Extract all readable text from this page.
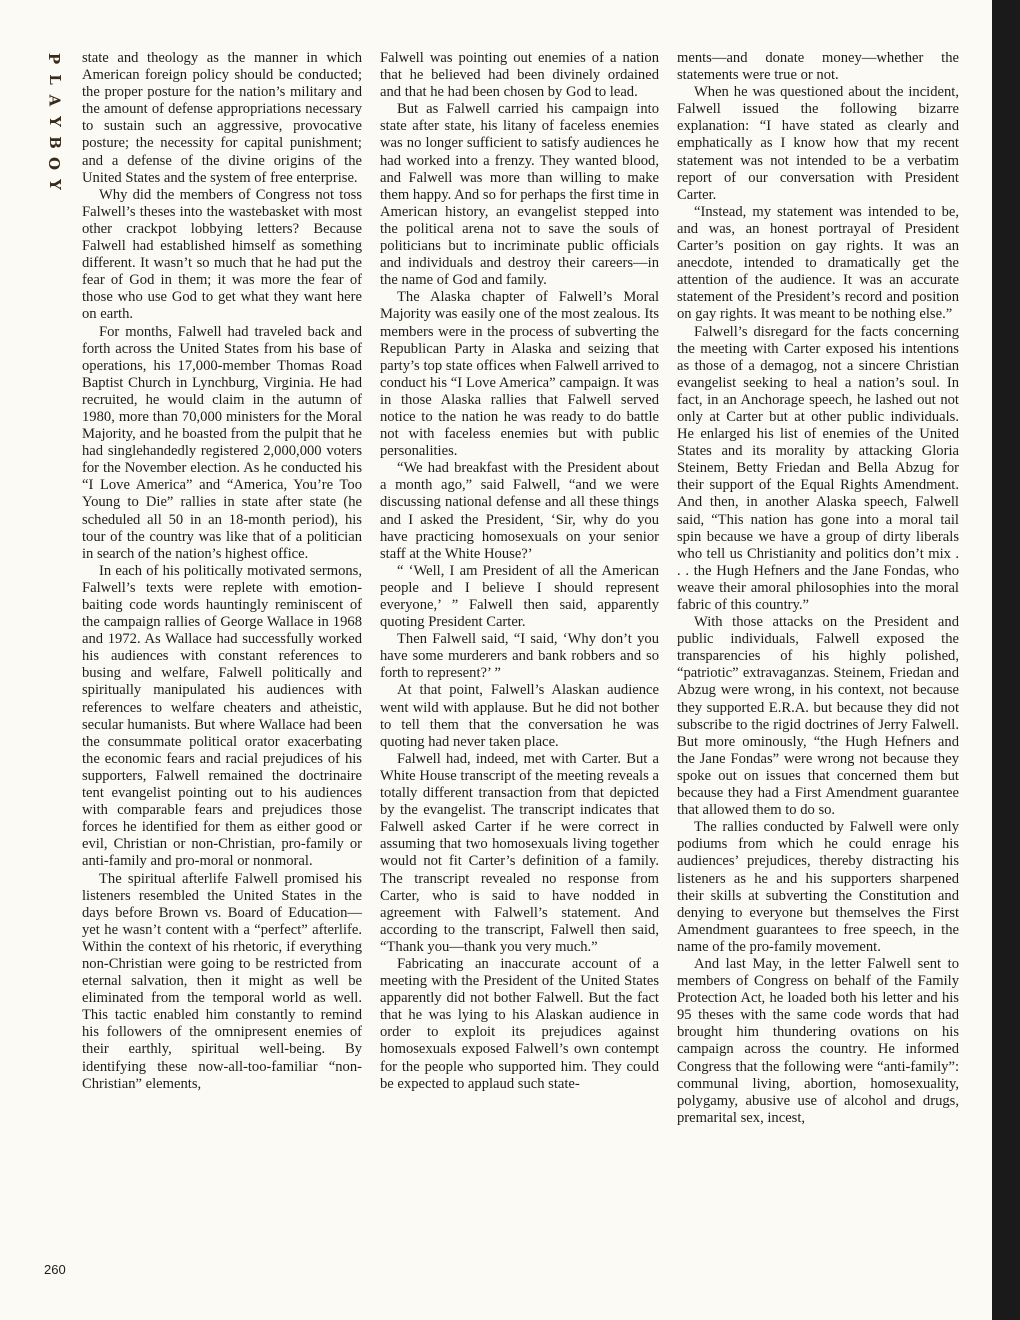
P
L
A
Y
B
O
Y

state and theology as the manner in which American foreign policy should be conducted; the proper posture for the nation’s military and the amount of defense appropriations necessary to sustain such an aggressive, provocative posture; the necessity for capital punishment; and a defense of the divine origins of the United States and the system of free enterprise.

Why did the members of Congress not toss Falwell’s theses into the wastebasket with most other crackpot lobbying letters? Because Falwell had established himself as something different. It wasn’t so much that he had put the fear of God in them; it was more the fear of those who use God to get what they want here on earth.

For months, Falwell had traveled back and forth across the United States from his base of operations, his 17,000-member Thomas Road Baptist Church in Lynchburg, Virginia. He had recruited, he would claim in the autumn of 1980, more than 70,000 ministers for the Moral Majority, and he boasted from the pulpit that he had singlehandedly registered 2,000,000 voters for the November election. As he conducted his “I Love America” and “America, You’re Too Young to Die” rallies in state after state (he scheduled all 50 in an 18-month period), his tour of the country was like that of a politician in search of the nation’s highest office.

In each of his politically motivated sermons, Falwell’s texts were replete with emotion-baiting code words hauntingly reminiscent of the campaign rallies of George Wallace in 1968 and 1972. As Wallace had successfully worked his audiences with constant references to busing and welfare, Falwell politically and spiritually manipulated his audiences with references to welfare cheaters and atheistic, secular humanists. But where Wallace had been the consummate political orator exacerbating the economic fears and racial prejudices of his supporters, Falwell remained the doctrinaire tent evangelist pointing out to his audiences with comparable fears and prejudices those forces he identified for them as either good or evil, Christian or non-Christian, pro-family or anti-family and pro-moral or nonmoral.

The spiritual afterlife Falwell promised his listeners resembled the United States in the days before Brown vs. Board of Education—yet he wasn’t content with a “perfect” afterlife. Within the context of his rhetoric, if everything non-Christian were going to be restricted from eternal salvation, then it might as well be eliminated from the temporal world as well. This tactic enabled him constantly to remind his followers of the omnipresent enemies of their earthly, spiritual well-being. By identifying these now-all-too-familiar “non-Christian” elements,

Falwell was pointing out enemies of a nation that he believed had been divinely ordained and that he had been chosen by God to lead.

But as Falwell carried his campaign into state after state, his litany of faceless enemies was no longer sufficient to satisfy audiences he had worked into a frenzy. They wanted blood, and Falwell was more than willing to make them happy. And so for perhaps the first time in American history, an evangelist stepped into the political arena not to save the souls of politicians but to incriminate public officials and individuals and destroy their careers—in the name of God and family.

The Alaska chapter of Falwell’s Moral Majority was easily one of the most zealous. Its members were in the process of subverting the Republican Party in Alaska and seizing that party’s top state offices when Falwell arrived to conduct his “I Love America” campaign. It was in those Alaska rallies that Falwell served notice to the nation he was ready to do battle not with faceless enemies but with public personalities.

“We had breakfast with the President about a month ago,” said Falwell, “and we were discussing national defense and all these things and I asked the President, ‘Sir, why do you have practicing homosexuals on your senior staff at the White House?’

“ ‘Well, I am President of all the American people and I believe I should represent everyone,’ ” Falwell then said, apparently quoting President Carter.

Then Falwell said, “I said, ‘Why don’t you have some murderers and bank robbers and so forth to represent?’ ”

At that point, Falwell’s Alaskan audience went wild with applause. But he did not bother to tell them that the conversation he was quoting had never taken place.

Falwell had, indeed, met with Carter. But a White House transcript of the meeting reveals a totally different transaction from that depicted by the evangelist. The transcript indicates that Falwell asked Carter if he were correct in assuming that two homosexuals living together would not fit Carter’s definition of a family. The transcript revealed no response from Carter, who is said to have nodded in agreement with Falwell’s statement. And according to the transcript, Falwell then said, “Thank you—thank you very much.”

Fabricating an inaccurate account of a meeting with the President of the United States apparently did not bother Falwell. But the fact that he was lying to his Alaskan audience in order to exploit its prejudices against homosexuals exposed Falwell’s own contempt for the people who supported him. They could be expected to applaud such state-

ments—and donate money—whether the statements were true or not.

When he was questioned about the incident, Falwell issued the following bizarre explanation: “I have stated as clearly and emphatically as I know how that my recent statement was not intended to be a verbatim report of our conversation with President Carter.

“Instead, my statement was intended to be, and was, an honest portrayal of President Carter’s position on gay rights. It was an anecdote, intended to dramatically get the attention of the audience. It was an accurate statement of the President’s record and position on gay rights. It was meant to be nothing else.”

Falwell’s disregard for the facts concerning the meeting with Carter exposed his intentions as those of a demagog, not a sincere Christian evangelist seeking to heal a nation’s soul. In fact, in an Anchorage speech, he lashed out not only at Carter but at other public individuals. He enlarged his list of enemies of the United States and its morality by attacking Gloria Steinem, Betty Friedan and Bella Abzug for their support of the Equal Rights Amendment. And then, in another Alaska speech, Falwell said, “This nation has gone into a moral tail spin because we have a group of dirty liberals who tell us Christianity and politics don’t mix . . . the Hugh Hefners and the Jane Fondas, who weave their amoral philosophies into the moral fabric of this country.”

With those attacks on the President and public individuals, Falwell exposed the transparencies of his highly polished, “patriotic” extravaganzas. Steinem, Friedan and Abzug were wrong, in his context, not because they supported E.R.A. but because they did not subscribe to the rigid doctrines of Jerry Falwell. But more ominously, “the Hugh Hefners and the Jane Fondas” were wrong not because they spoke out on issues that concerned them but because they had a First Amendment guarantee that allowed them to do so.

The rallies conducted by Falwell were only podiums from which he could enrage his audiences’ prejudices, thereby distracting his listeners as he and his supporters sharpened their skills at subverting the Constitution and denying to everyone but themselves the First Amendment guarantees to free speech, in the name of the pro-family movement.

And last May, in the letter Falwell sent to members of Congress on behalf of the Family Protection Act, he loaded both his letter and his 95 theses with the same code words that had brought him thundering ovations on his campaign across the country. He informed Congress that the following were “anti-family”: communal living, abortion, homosexuality, polygamy, abusive use of alcohol and drugs, premarital sex, incest,

260
